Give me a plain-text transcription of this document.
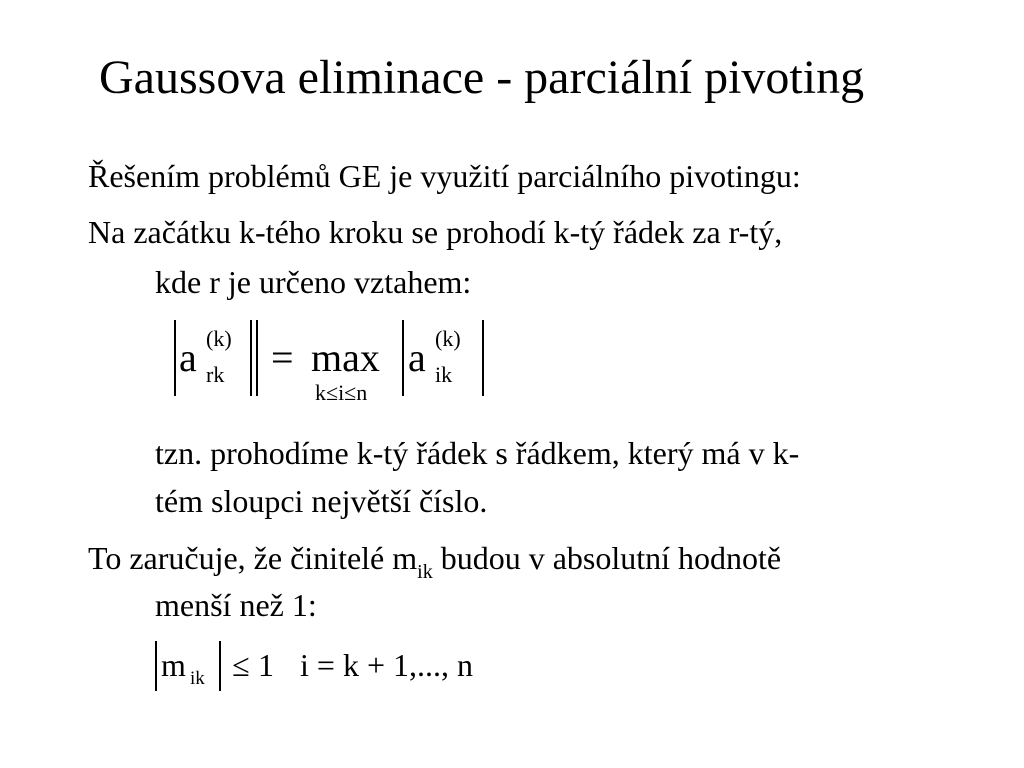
Gaussova eliminace - parciální pivoting
Řešením problémů GE je využití parciálního pivotingu:
Na začátku k-tého kroku se prohodí k-tý řádek za r-tý,
kde r je určeno vztahem:
a (k)
rk = max
k≤i≤n
a (k)
ik
tzn. prohodíme k-tý řádek s řádkem, který má v k-
tém sloupci největší číslo.
To zaručuje, že činitelé $m_{ik}$ budou v absolutní hodnotě
menší než 1:
m ik ≤ 1 i = k + 1,..., n
